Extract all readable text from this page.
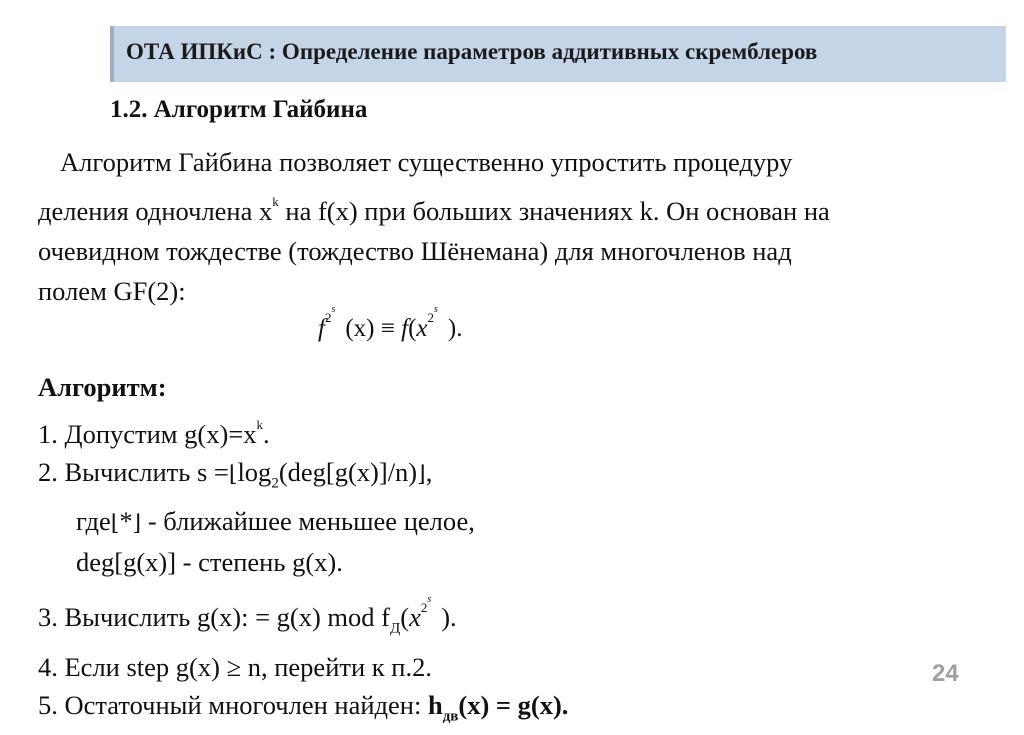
ОТА ИПКиС : Определение параметров аддитивных скремблеров
1.2. Алгоритм Гайбина
Алгоритм Гайбина позволяет существенно упростить процедуру
деления одночлена $x^k$ на f(x) при больших значениях k. Он основан на
очевидном тождестве (тождество Шёнемана) для многочленов над
полем GF(2):
$f^{2^s}(x) \equiv f(x^{2^s})$.
Алгоритм:
1. Допустим $g(x)=x^k$.
2. Вычислить $s =⌊\log_2(deg[g(x)]/n)⌋$,
где⌊*⌋ - ближайшее меньшее целое,
deg[g(x)] - степень g(x).
3. Вычислить g(x): = g(x) mod $f_Д(x^{2^s})$.
4. Если step g(x) ≥ n, перейти к п.2.
5. Остаточный многочлен найден: $h_{дв}(x) = g(x)$.
24
